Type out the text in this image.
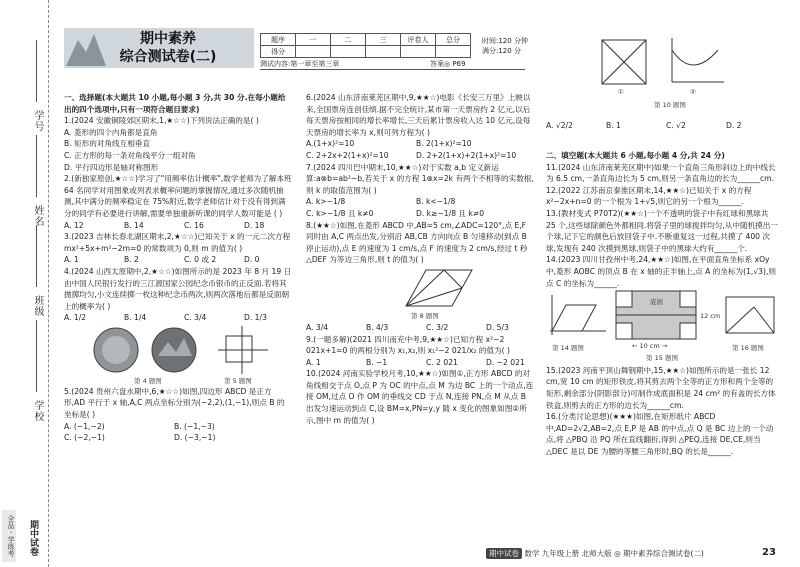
学号
姓名
班级
学校
全品ㆍ学练考	期中试卷
期中素养
综合测试卷(二)
题序	一	二	三	评卷人	总分
得分					
时间:120 分钟
满分:120 分
测试内容:第一章至第三章	答案◎ P69

一、选择题(本大题共 10 小题,每小题 3 分,共 30 分.在每小题给出的四个选项中,只有一项符合题目要求)

1.(2024 安徽铜陵郊区期末,1,★☆☆)下列说法正确的是( )

A. 菱形的四个内角都是直角

B. 矩形的对角线互相垂直

C. 正方形的每一条对角线平分一组对角

D. 平行四边形是轴对称图形

2.(新独家原创,★☆☆)学习了"用频率估计概率",数学老师为了解本班 64 名同学对用图象或列表求概率问题的掌握情况,通过多次随机抽测,其中满分的频率稳定在 75%附近,数学老师估计对于没有得到满分的同学有必要进行讲解,需要单独重新听课的同学人数可能是 ( )

A. 12	B. 14	C. 16	D. 18

3.(2023 吉林长春北湖区期末,2,★☆☆)已知关于 x 的一元二次方程 mx²+5x+m²−2m=0 的常数项为 0,则 m 的值为( )

A. 1	B. 2	C. 0 或 2	D. 0

4.(2024 山西太原期中,2,★☆☆)如图所示的是 2023 年 8 月 19 日由中国人民银行发行的三江源国家公园纪念币银币的正反面.若将其抛掷均匀,小文连续掷一枚这种纪念币两次,则两次落地后都是反面朝上的概率为( )

A. 1/2	B. 1/4	C. 3/4	D. 1/3

第 4 题图	第 5 题图

5.(2024 贵州六盘水期中,6,★☆☆)如图,四边形 ABCD 是正方形,AD 平行于 x 轴,A,C 两点坐标分别为(−2,2),(1,−1),则点 B 的坐标是( )

A. (−1,−2)	B. (−1,−3)

C. (−2,−1)	D. (−3,−1)

6.(2024 山东济南莱芜区期中,9,★★☆)电影《长安三万里》上映以来,全国票房连创佳绩.据不完全统计,某市第一天票房约 2 亿元,以后每天票房按相同的增长率增长,三天后累计票房收入达 10 亿元,设每天票房的增长率为 x,则可列方程为( )

A.(1+x)²=10	B. 2(1+x)²=10

C. 2+2x+2(1+x)²=10	D. 2+2(1+x)+2(1+x)²=10

7.(2024 四川巴中期末,10,★★☆)对于实数 a,b 定义新运算:a⊗b=ab²−b,若关于 x 的方程 1⊗x=2k 有两个不相等的实数根,则 k 的取值范围为( )

A. k>−1/8	B. k<−1/8

C. k>−1/8 且 k≠0	D. k≥−1/8 且 k≠0

8.(★★☆)如图,在菱形 ABCD 中,AB=5 cm,∠ADC=120°,点 E,F 同时由 A,C 两点出发,分别沿 AB,CB 方向向点 B 匀速移动(到点 B 停止运动),点 E 的速度为 1 cm/s,点 F 的速度为 2 cm/s,经过 t 秒 △DEF 为等边三角形,则 t 的值为( )

第 8 题图

A. 3/4	B. 4/3	C. 3/2	D. 5/3

9.(一题多解)(2021 四川南充中考,9,★★☆)已知方程 x²−2 021x+1=0 的两根分别为 x₁,x₂,则 x₁²−2 021/x₂ 的值为( )

A. 1	B. −1	C. 2 021	D. −2 021

10.(2024 河南实验学校月考,10,★★☆)如图①,正方形 ABCD 的对角线相交于点 O,点 P 为 OC 的中点,点 M 为边 BC 上的一个动点,连接 OM,过点 O 作 OM 的垂线交 CD 于点 N,连接 PN,点 M 从点 B 出发匀速运动到点 C,设 BM=x,PN=y,y 随 x 变化的图象如图②所示,图中 m 的值为( )

①	②
第 10 题图
A. √2/2	B. 1	C. √2	D. 2

二、填空题(本大题共 6 小题,每小题 4 分,共 24 分)

11.(2024 山东济南莱芜区期中)如果一个直角三角形斜边上的中线长为 6.5 cm,一条直角边长为 5 cm,则另一条直角边的长为______cm.

12.(2022 江苏南京秦淮区期末,14,★★☆)已知关于 x 的方程 x²−2x+n=0 的一个根为 1+√5,则它的另一个根为______.

13.(教材变式 P70T2)(★★☆)一个不透明的袋子中有红球和黑球共 25 个,这些球除颜色外都相同.将袋子里的球搅拌均匀,从中随机摸出一个球,记下它的颜色后放回袋子中.不断重复这一过程,共摸了 400 次球,发现有 240 次摸到黑球,则袋子中的黑球大约有______个.

14.(2023 四川甘孜州中考,24,★★☆)如图,在平面直角坐标系 xOy 中,菱形 AOBC 的顶点 B 在 x 轴的正半轴上,点 A 的坐标为(1,√3),则点 C 的坐标为______.

底面
12 cm
← 10 cm →
第 14 题图	第 16 题图

第 15 题图

15.(2023 河南平顶山舞钢期中,15,★★☆)如图所示的是一张长 12 cm,宽 10 cm 的矩形铁皮,将其剪去两个全等的正方形和两个全等的矩形,剩余部分(阴影部分)可制作成底面积是 24 cm² 的有盖的长方体铁盒,则剪去的正方形的边长为______cm.

16.(分类讨论思想)(★★★)如图,在矩形纸片 ABCD 中,AD=2√2,AB=2,点 E,P 是 AB 的中点,点 Q 是 BC 边上的一个动点,将 △PBQ 沿 PQ 所在直线翻折,得到 △PEQ,连接 DE,CE,则当 △DEC 是以 DE 为腰的等腰三角形时,BQ 的长是______.

期中试卷 数学 九年级上册 北师大版 ◎ 期中素养综合测试卷(二)	23
